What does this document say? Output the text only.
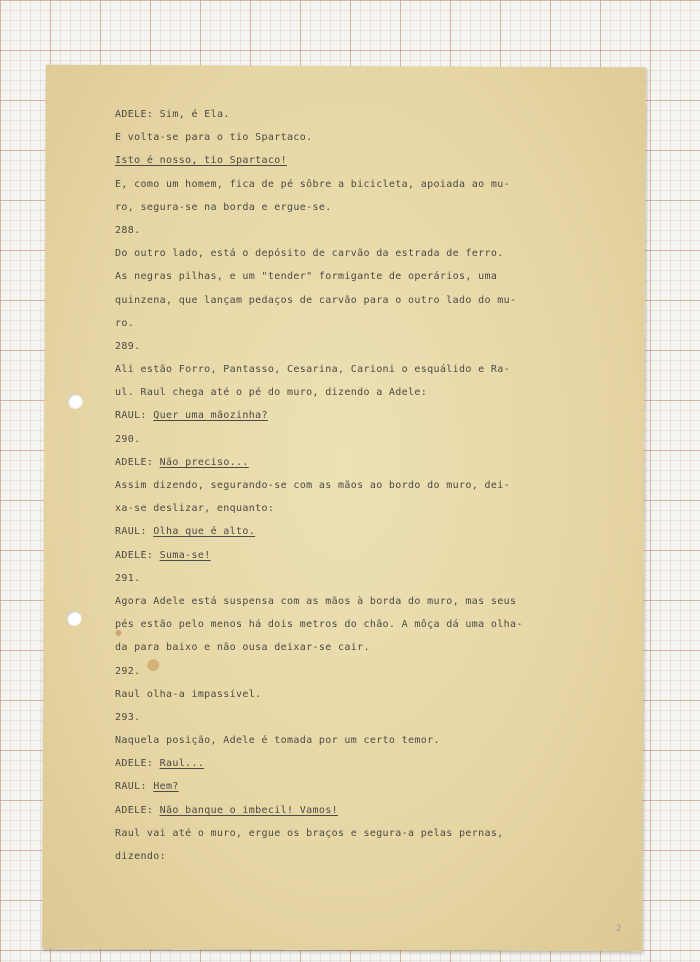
ADELE: Sim, é Ela.
E volta-se para o tio Spartaco.
Isto é nosso, tio Spartaco!
E, como um homem, fica de pé sôbre a bicicleta, apoiada ao mu-
ro, segura-se na borda e ergue-se.
288.
Do outro lado, está o depósito de carvão da estrada de ferro.
As negras pilhas, e um "tender" formigante de operários, uma
quinzena, que lançam pedaços de carvão para o outro lado do mu-
ro.
289.
Ali estão Forro, Pantasso, Cesarina, Carioni o esquálido e Ra-
ul. Raul chega até o pé do muro, dizendo a Adele:
RAUL: Quer uma mãozinha?
290.
ADELE: Não preciso...
Assim dizendo, segurando-se com as mãos ao bordo do muro, dei-
xa-se deslizar, enquanto:
RAUL: Olha que é alto.
ADELE: Suma-se!
291.
Agora Adele está suspensa com as mãos à borda do muro, mas seus
pés estão pelo menos há dois metros do chão. A môça dá uma olha-
da para baixo e não ousa deixar-se cair.
292.
Raul olha-a impassível.
293.
Naquela posição, Adele é tomada por um certo temor.
ADELE: Raul...
RAUL: Hem?
ADELE: Não banque o imbecil! Vamos!
Raul vai até o muro, ergue os braços e segura-a pelas pernas,
dizendo:
2
